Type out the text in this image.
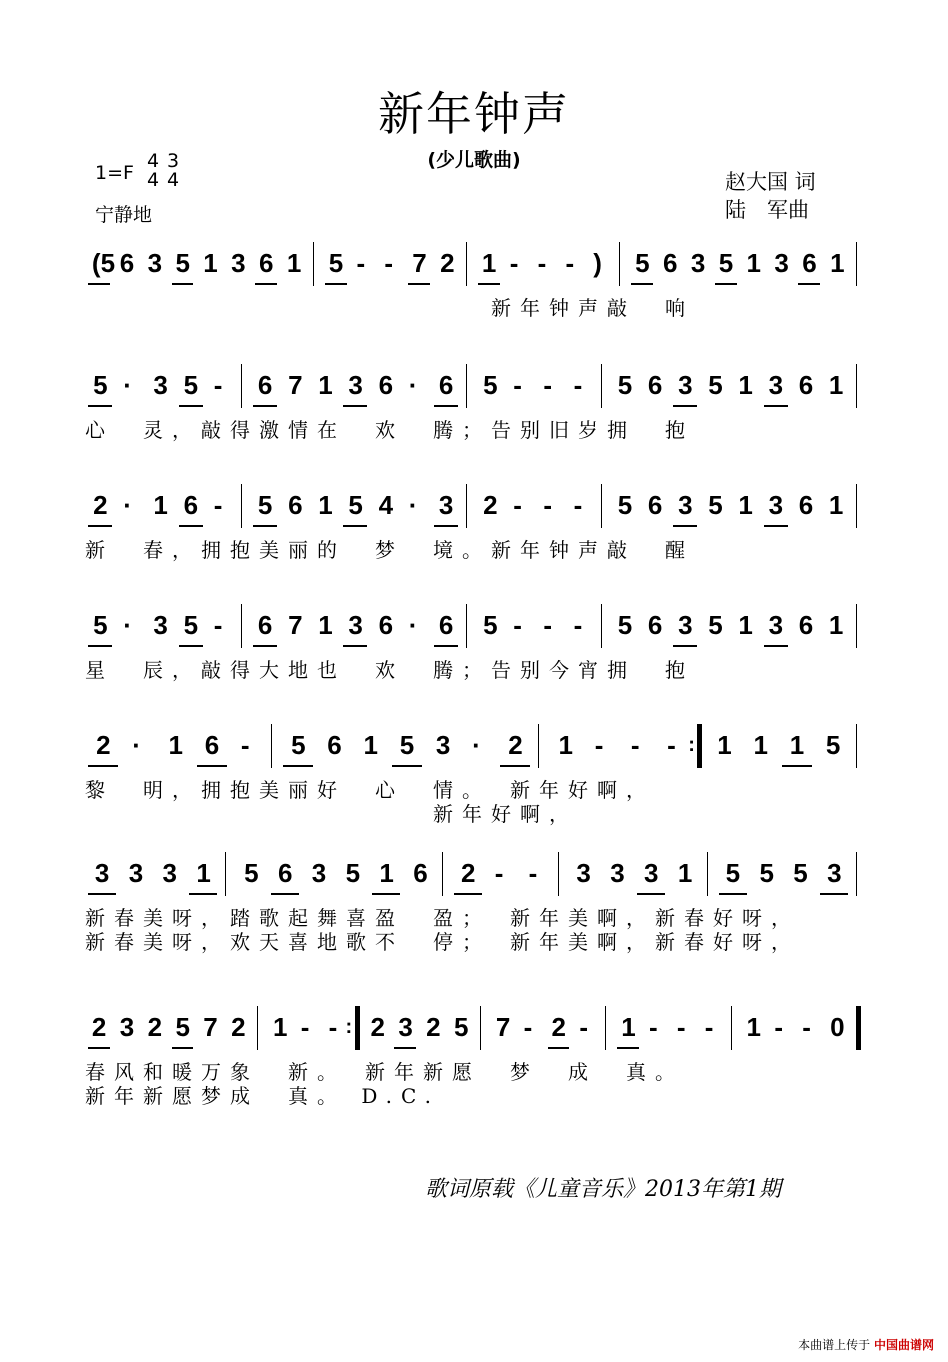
新年钟声
(少儿歌曲)
1=F
4
4
3
4
宁静地
赵大国 词
陆　军曲
(5 6 3 5 1 3 6 1 5 - - 7 2 1 - - - ) 5 6 3 5 1 3 6 1
　　　　　　　　　　　　　　新年钟声敲　响
5 · 3 5 - 6 7 1 3 6 · 6 5 - - - 5 6 3 5 1 3 6 1
心　灵，敲得激情在　欢　腾；告别旧岁拥　抱
2 · 1 6 - 5 6 1 5 4 · 3 2 - - - 5 6 3 5 1 3 6 1
新　春，拥抱美丽的　梦　境。新年钟声敲　醒
5 · 3 5 - 6 7 1 3 6 · 6 5 - - - 5 6 3 5 1 3 6 1
星　辰，敲得大地也　欢　腾；告别今宵拥　抱
2 · 1 6 - 5 6 1 5 3 · 2 1 - - - : 1 1 1 5
黎　明，拥抱美丽好　心　情。　新年好啊，
　　　　　　　　　　　　新年好啊，
3 3 3 1 5 6 3 5 1 6 2 - - 3 3 3 1 5 5 5 3
新春美呀，踏歌起舞喜盈　盈；　新年美啊，新春好呀，
新春美呀，欢天喜地歌不　停；　新年美啊，新春好呀，
2 3 2 5 7 2 1 - - : 2 3 2 5 7 - 2 - 1 - - - 1 - - 0
春风和暖万象　新。　新年新愿　梦　成　真。
新年新愿梦成　真。 D.C.
歌词原载《儿童音乐》2013年第1期
本曲谱上传于 中国曲谱网
